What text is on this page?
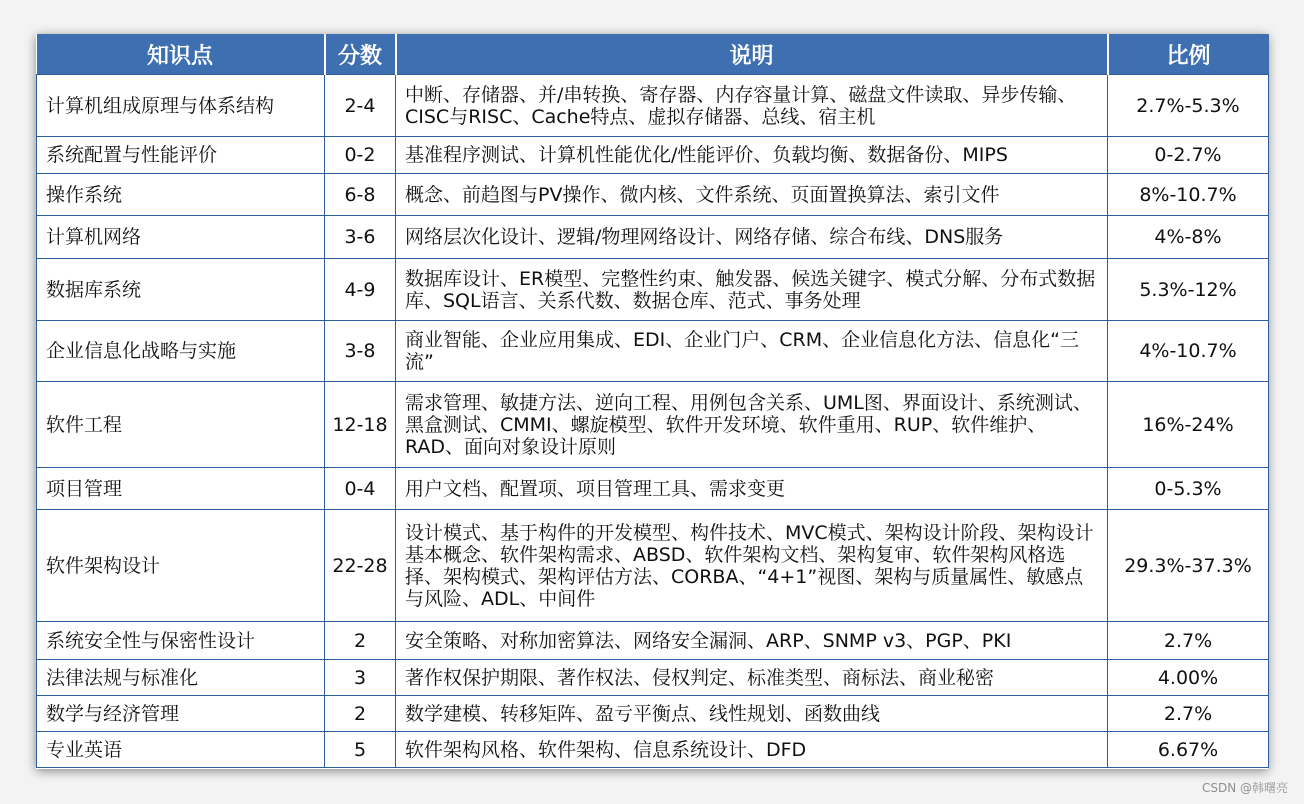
知识点	分数	说明	比例
计算机组成原理与体系结构	2-4	中断、存储器、并/串转换、寄存器、内存容量计算、磁盘文件读取、异步传输、CISC与RISC、Cache特点、虚拟存储器、总线、宿主机	2.7%-5.3%
系统配置与性能评价	0-2	基准程序测试、计算机性能优化/性能评价、负载均衡、数据备份、MIPS	0-2.7%
操作系统	6-8	概念、前趋图与PV操作、微内核、文件系统、页面置换算法、索引文件	8%-10.7%
计算机网络	3-6	网络层次化设计、逻辑/物理网络设计、网络存储、综合布线、DNS服务	4%-8%
数据库系统	4-9	数据库设计、ER模型、完整性约束、触发器、候选关键字、模式分解、分布式数据库、SQL语言、关系代数、数据仓库、范式、事务处理	5.3%-12%
企业信息化战略与实施	3-8	商业智能、企业应用集成、EDI、企业门户、CRM、企业信息化方法、信息化“三流”	4%-10.7%
软件工程	12-18	需求管理、敏捷方法、逆向工程、用例包含关系、UML图、界面设计、系统测试、黑盒测试、CMMI、螺旋模型、软件开发环境、软件重用、RUP、软件维护、RAD、面向对象设计原则	16%-24%
项目管理	0-4	用户文档、配置项、项目管理工具、需求变更	0-5.3%
软件架构设计	22-28	设计模式、基于构件的开发模型、构件技术、MVC模式、架构设计阶段、架构设计基本概念、软件架构需求、ABSD、软件架构文档、架构复审、软件架构风格选择、架构模式、架构评估方法、CORBA、“4+1”视图、架构与质量属性、敏感点与风险、ADL、中间件	29.3%-37.3%
系统安全性与保密性设计	2	安全策略、对称加密算法、网络安全漏洞、ARP、SNMP v3、PGP、PKI	2.7%
法律法规与标准化	3	著作权保护期限、著作权法、侵权判定、标准类型、商标法、商业秘密	4.00%
数学与经济管理	2	数学建模、转移矩阵、盈亏平衡点、线性规划、函数曲线	2.7%
专业英语	5	软件架构风格、软件架构、信息系统设计、DFD	6.67%
CSDN @韩曙亮
